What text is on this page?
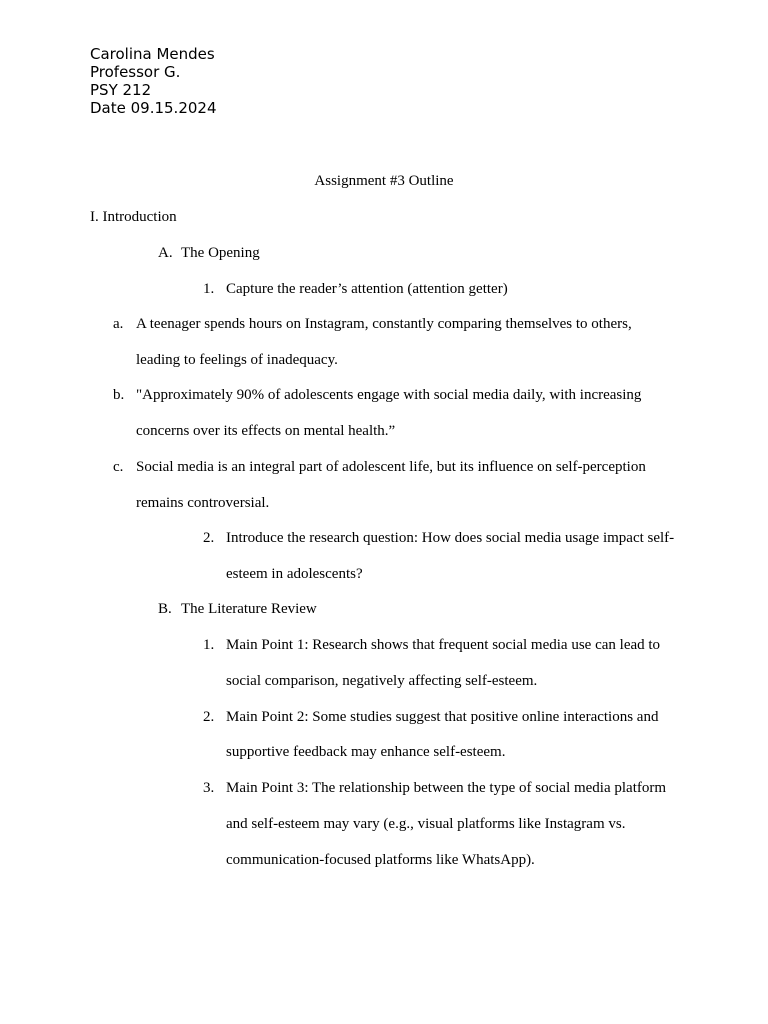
Carolina Mendes
Professor G.
PSY 212
Date 09.15.2024
Assignment #3 Outline
I. Introduction
A. The Opening
1. Capture the reader’s attention (attention getter)
a. A teenager spends hours on Instagram, constantly comparing themselves to others,
leading to feelings of inadequacy.
b. "Approximately 90% of adolescents engage with social media daily, with increasing
concerns over its effects on mental health.”
c. Social media is an integral part of adolescent life, but its influence on self-perception
remains controversial.
2. Introduce the research question: How does social media usage impact self-
esteem in adolescents?
B. The Literature Review
1. Main Point 1: Research shows that frequent social media use can lead to
social comparison, negatively affecting self-esteem.
2. Main Point 2: Some studies suggest that positive online interactions and
supportive feedback may enhance self-esteem.
3. Main Point 3: The relationship between the type of social media platform
and self-esteem may vary (e.g., visual platforms like Instagram vs.
communication-focused platforms like WhatsApp).
